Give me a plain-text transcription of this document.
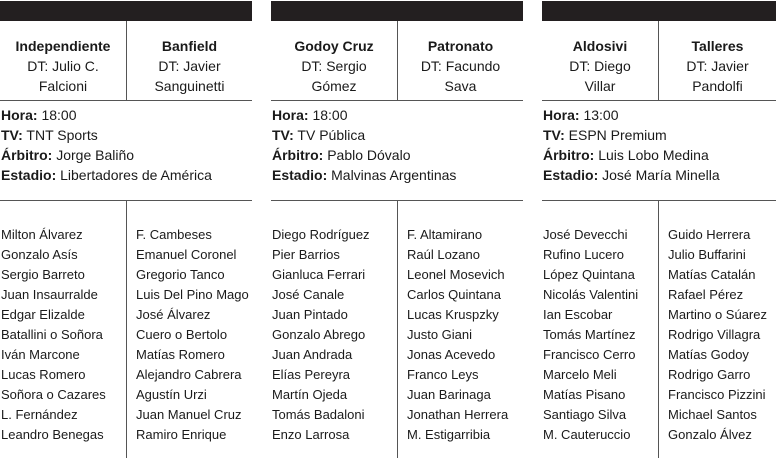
Independiente
DT: Julio C.
Falcioni
Milton Álvarez
Gonzalo Asís
Sergio Barreto
Juan Insaurralde
Edgar Elizalde
Batallini o Soñora
Iván Marcone
Lucas Romero
Soñora o Cazares
L. Fernández
Leandro Benegas
Banfield
DT: Javier
Sanguinetti
F. Cambeses
Emanuel Coronel
Gregorio Tanco
Luis Del Pino Mago
José Álvarez
Cuero o Bertolo
Matías Romero
Alejandro Cabrera
Agustín Urzi
Juan Manuel Cruz
Ramiro Enrique
Hora: 18:00
TV: TNT Sports
Árbitro: Jorge Baliño
Estadio: Libertadores de América
Godoy Cruz
DT: Sergio
Gómez
Diego Rodríguez
Pier Barrios
Gianluca Ferrari
José Canale
Juan Pintado
Gonzalo Abrego
Juan Andrada
Elías Pereyra
Martín Ojeda
Tomás Badaloni
Enzo Larrosa
Patronato
DT: Facundo
Sava
F. Altamirano
Raúl Lozano
Leonel Mosevich
Carlos Quintana
Lucas Kruspzky
Justo Giani
Jonas Acevedo
Franco Leys
Juan Barinaga
Jonathan Herrera
M. Estigarribia
Hora: 18:00
TV: TV Pública
Árbitro: Pablo Dóvalo
Estadio: Malvinas Argentinas
Aldosivi
DT: Diego
Villar
José Devecchi
Rufino Lucero
López Quintana
Nicolás Valentini
Ian Escobar
Tomás Martínez
Francisco Cerro
Marcelo Meli
Matías Pisano
Santiago Silva
M. Cauteruccio
Talleres
DT: Javier
Pandolfi
Guido Herrera
Julio Buffarini
Matías Catalán
Rafael Pérez
Martino o Súarez
Rodrigo Villagra
Matías Godoy
Rodrigo Garro
Francisco Pizzini
Michael Santos
Gonzalo Álvez
Hora: 13:00
TV: ESPN Premium
Árbitro: Luis Lobo Medina
Estadio: José María Minella
